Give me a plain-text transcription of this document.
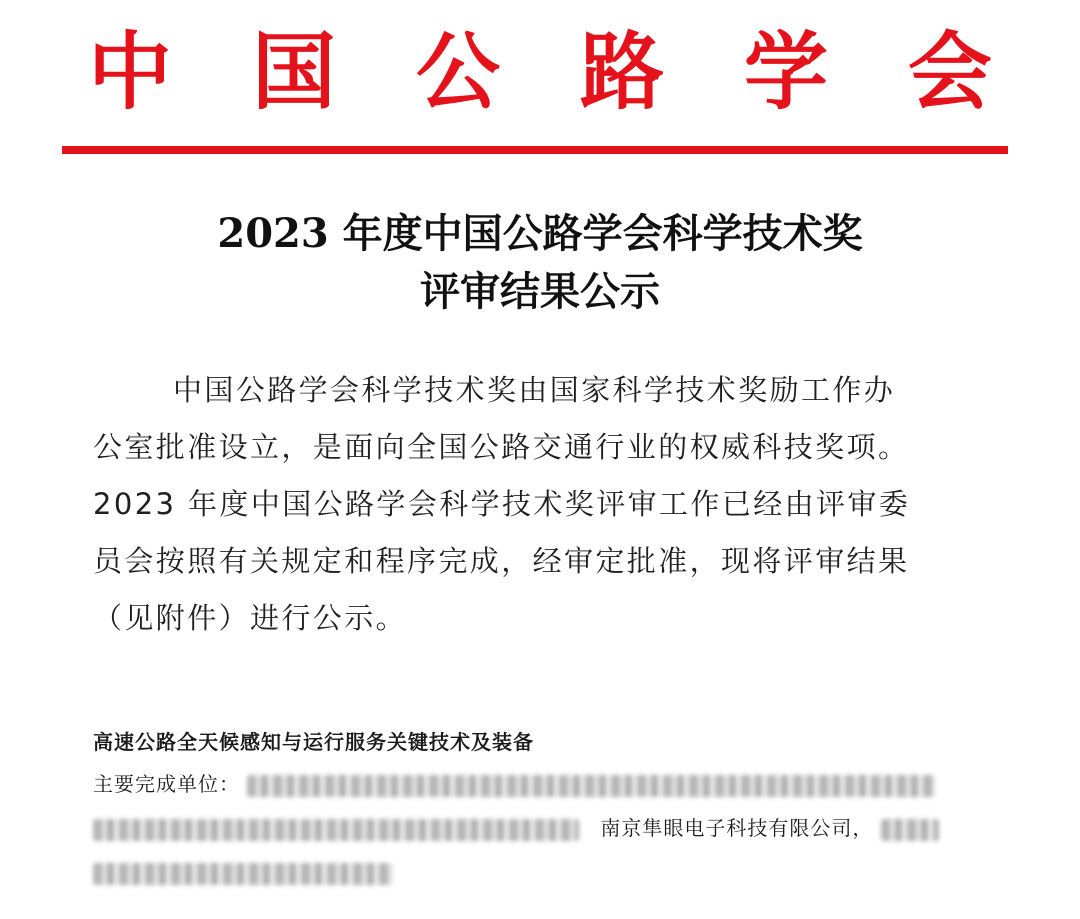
中 国 公 路 学 会
2023 年度中国公路学会科学技术奖
评审结果公示
中国公路学会科学技术奖由国家科学技术奖励工作办
公室批准设立，是面向全国公路交通行业的权威科技奖项。
2023 年度中国公路学会科学技术奖评审工作已经由评审委
员会按照有关规定和程序完成，经审定批准，现将评审结果
（见附件）进行公示。
高速公路全天候感知与运行服务关键技术及装备
主要完成单位：
南京隼眼电子科技有限公司，
